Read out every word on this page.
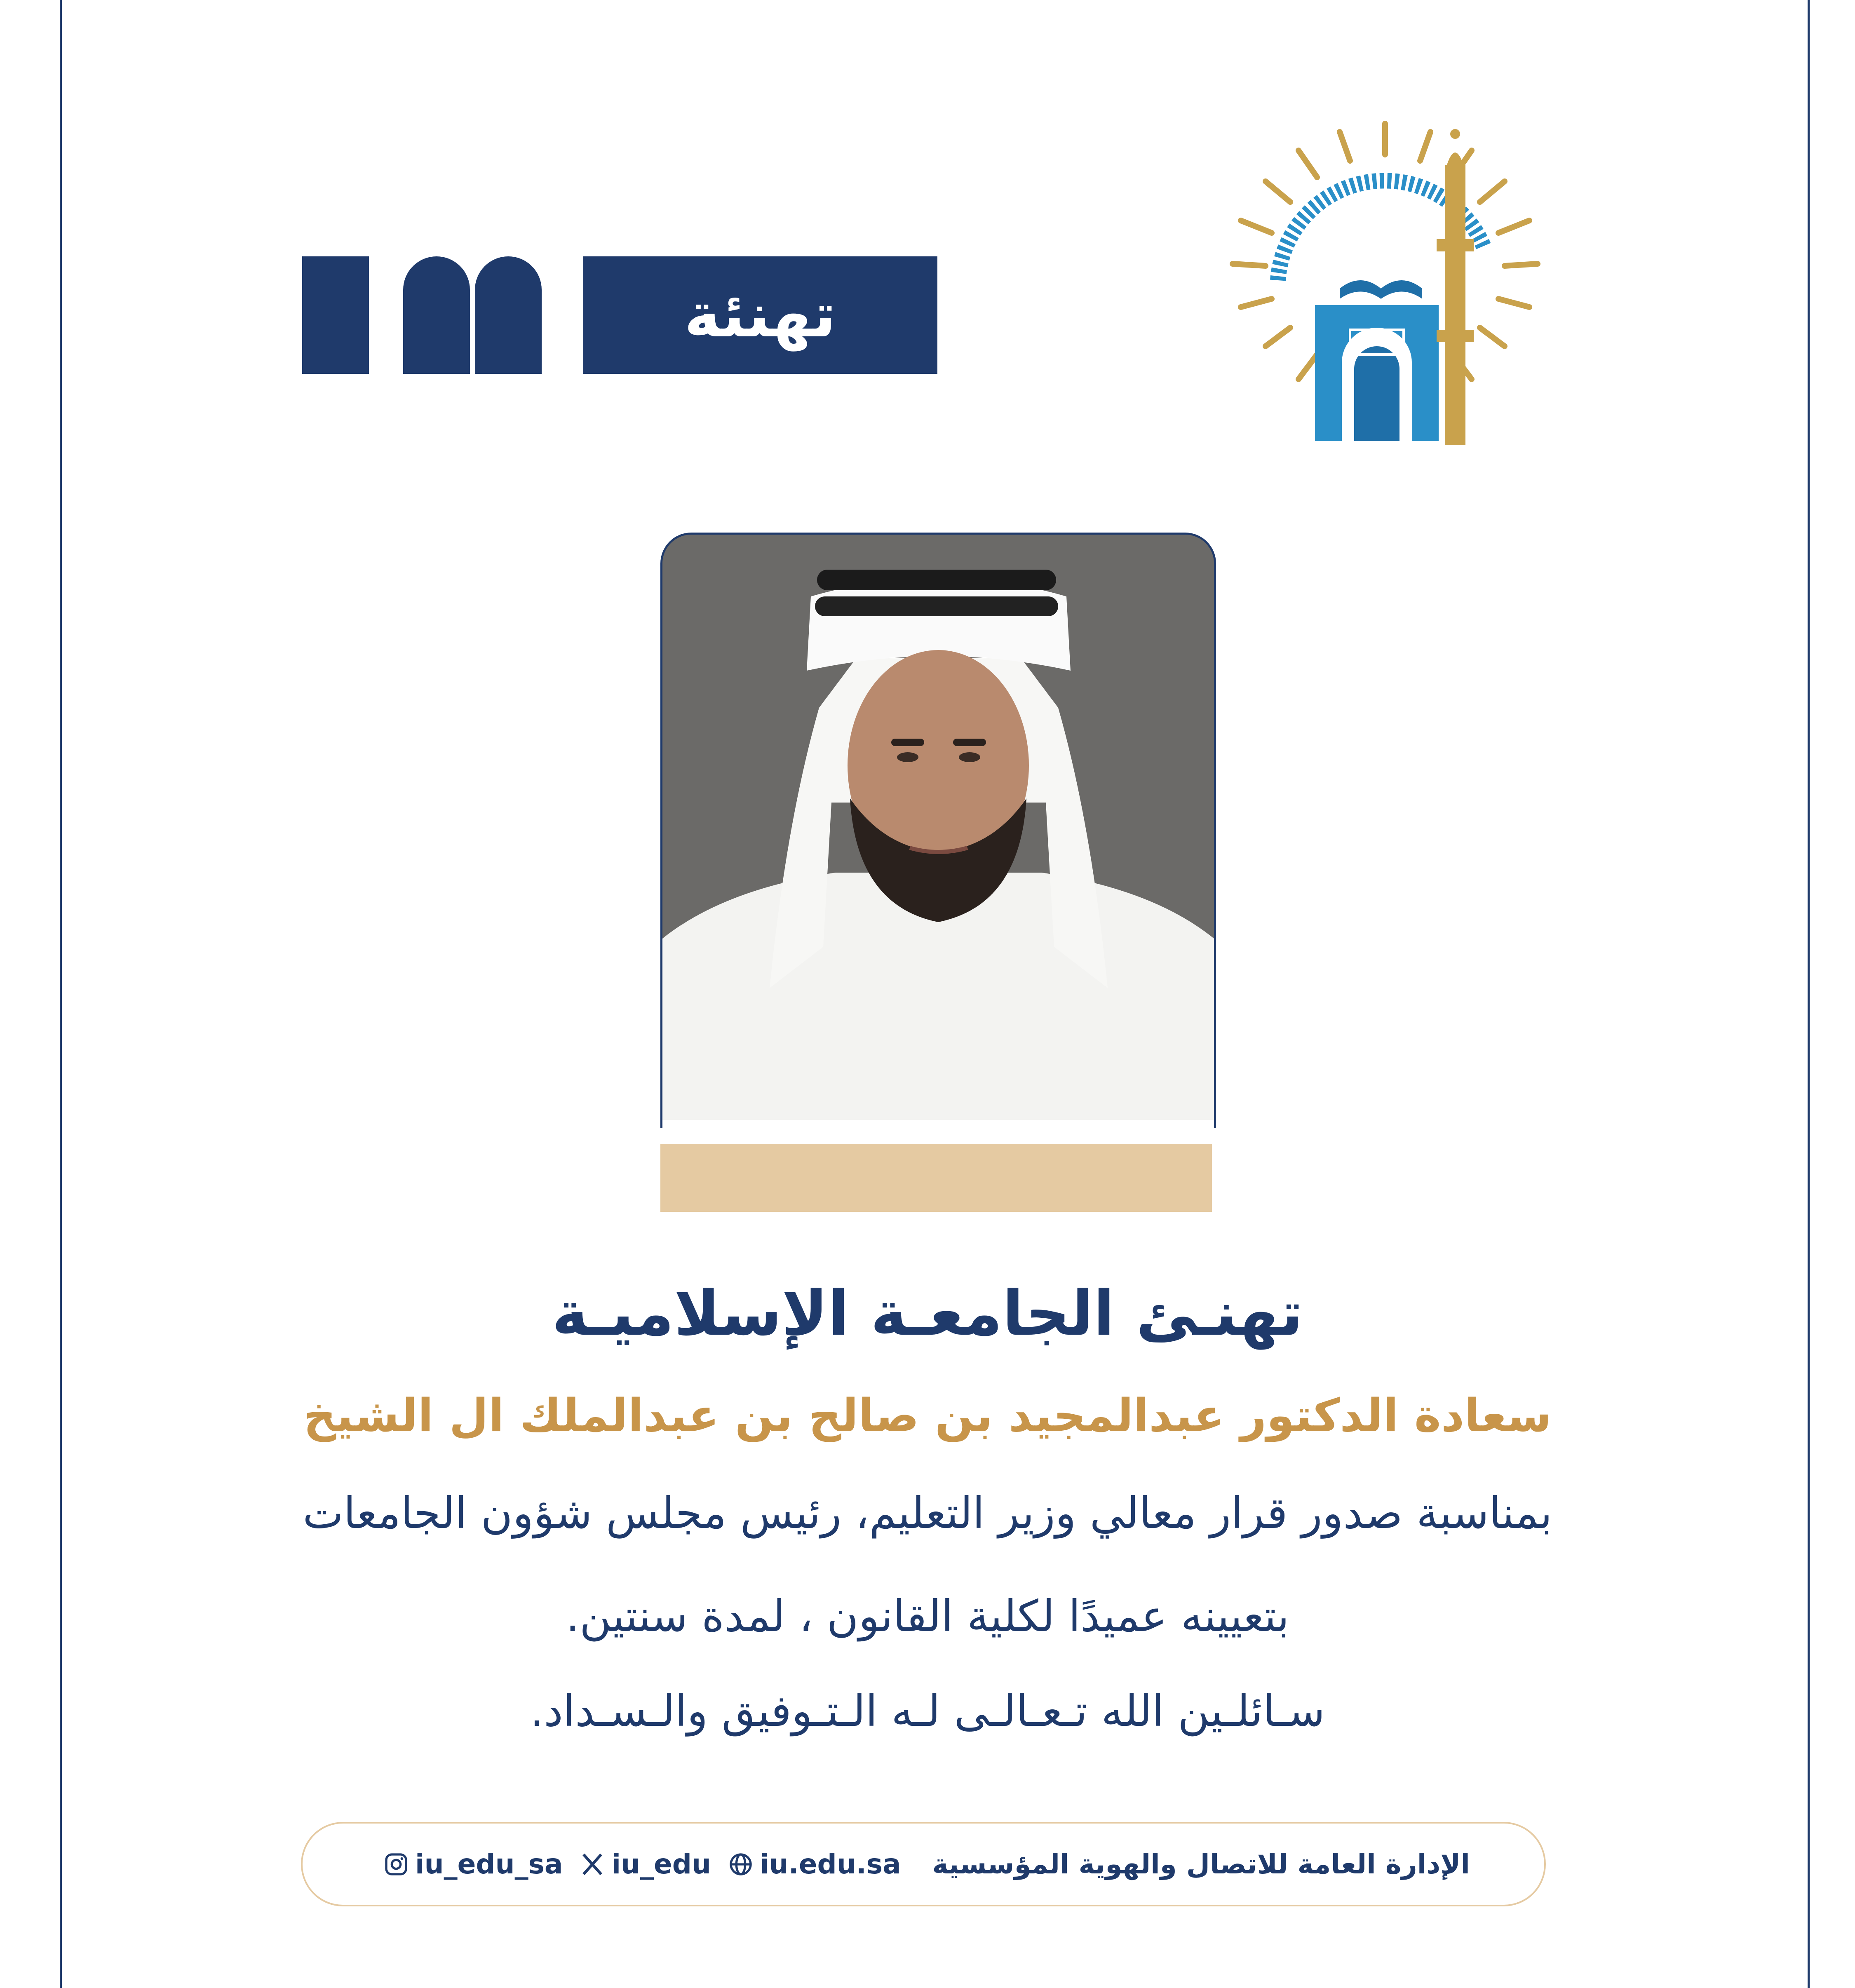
تهنئة
تهنـئ الجامعـة الإسلاميـة
سعادة الدكتور عبدالمجيد بن صالح بن عبدالملك ال الشيخ
بمناسبة صدور قرار معالي وزير التعليم، رئيس مجلس شؤون الجامعات
بتعيينه عميدًا لكلية القانون ، لمدة سنتين.
سـائلـين الله تـعـالـى لـه الـتـوفيق والـسـداد.
iu_edu_sa iu_edu iu.edu.sa الإدارة العامة للاتصال والهوية المؤسسية
